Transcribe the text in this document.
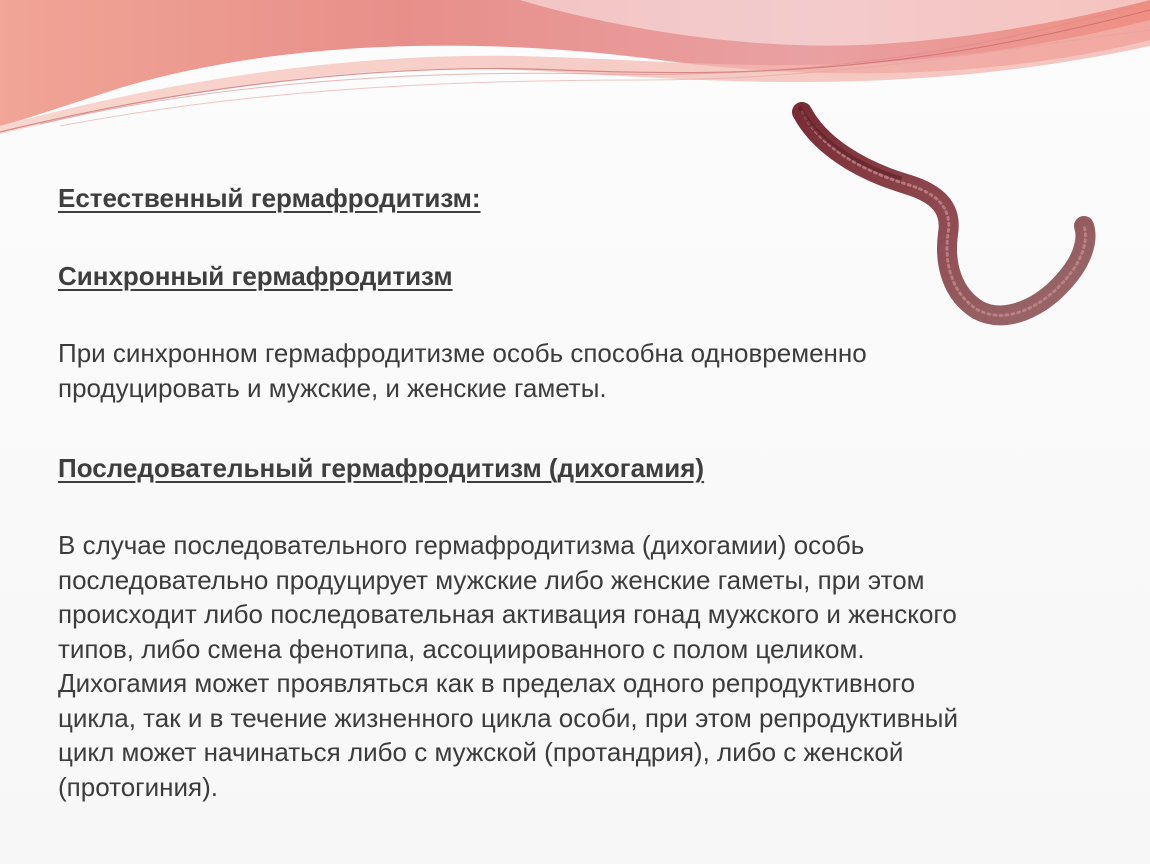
Естественный гермафродитизм:
Синхронный гермафродитизм
При синхронном гермафродитизме особь способна одновременно
продуцировать и мужские, и женские гаметы.
Последовательный гермафродитизм (дихогамия)
В случае последовательного гермафродитизма (дихогамии) особь
последовательно продуцирует мужские либо женские гаметы, при этом
происходит либо последовательная активация гонад мужского и женского
типов, либо смена фенотипа, ассоциированного с полом целиком.
Дихогамия может проявляться как в пределах одного репродуктивного
цикла, так и в течение жизненного цикла особи, при этом репродуктивный
цикл может начинаться либо с мужской (протандрия), либо с женской
(протогиния).
